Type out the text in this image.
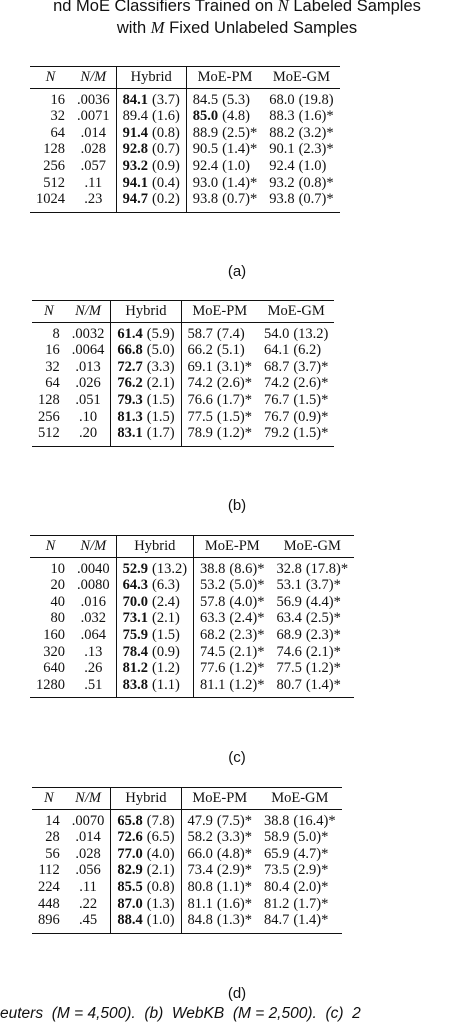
nd MoE Classifiers Trained on N Labeled Samples
with M Fixed Unlabeled Samples
N	N/M	Hybrid		MoE-PM		MoE-GM	
16	.0036	84.1	(3.7)	84.5	(5.3)	68.0	(19.8)
32	.0071	89.4	(1.6)	85.0	(4.8)	88.3	(1.6)*
64	.014	91.4	(0.8)	88.9	(2.5)*	88.2	(3.2)*
128	.028	92.8	(0.7)	90.5	(1.4)*	90.1	(2.3)*
256	.057	93.2	(0.9)	92.4	(1.0)	92.4	(1.0)
512	.11	94.1	(0.4)	93.0	(1.4)*	93.2	(0.8)*
1024	.23	94.7	(0.2)	93.8	(0.7)*	93.8	(0.7)*
(a)
N	N/M	Hybrid		MoE-PM		MoE-GM	
8	.0032	61.4	(5.9)	58.7	(7.4)	54.0	(13.2)
16	.0064	66.8	(5.0)	66.2	(5.1)	64.1	(6.2)
32	.013	72.7	(3.3)	69.1	(3.1)*	68.7	(3.7)*
64	.026	76.2	(2.1)	74.2	(2.6)*	74.2	(2.6)*
128	.051	79.3	(1.5)	76.6	(1.7)*	76.7	(1.5)*
256	.10	81.3	(1.5)	77.5	(1.5)*	76.7	(0.9)*
512	.20	83.1	(1.7)	78.9	(1.2)*	79.2	(1.5)*
(b)
N	N/M	Hybrid		MoE-PM		MoE-GM	
10	.0040	52.9	(13.2)	38.8	(8.6)*	32.8	(17.8)*
20	.0080	64.3	(6.3)	53.2	(5.0)*	53.1	(3.7)*
40	.016	70.0	(2.4)	57.8	(4.0)*	56.9	(4.4)*
80	.032	73.1	(2.1)	63.3	(2.4)*	63.4	(2.5)*
160	.064	75.9	(1.5)	68.2	(2.3)*	68.9	(2.3)*
320	.13	78.4	(0.9)	74.5	(2.1)*	74.6	(2.1)*
640	.26	81.2	(1.2)	77.6	(1.2)*	77.5	(1.2)*
1280	.51	83.8	(1.1)	81.1	(1.2)*	80.7	(1.4)*
(c)
N	N/M	Hybrid		MoE-PM		MoE-GM	
14	.0070	65.8	(7.8)	47.9	(7.5)*	38.8	(16.4)*
28	.014	72.6	(6.5)	58.2	(3.3)*	58.9	(5.0)*
56	.028	77.0	(4.0)	66.0	(4.8)*	65.9	(4.7)*
112	.056	82.9	(2.1)	73.4	(2.9)*	73.5	(2.9)*
224	.11	85.5	(0.8)	80.8	(1.1)*	80.4	(2.0)*
448	.22	87.0	(1.3)	81.1	(1.6)*	81.2	(1.7)*
896	.45	88.4	(1.0)	84.8	(1.3)*	84.7	(1.4)*
(d)
euters (M = 4,500). (b) WebKB (M = 2,500). (c) 2
